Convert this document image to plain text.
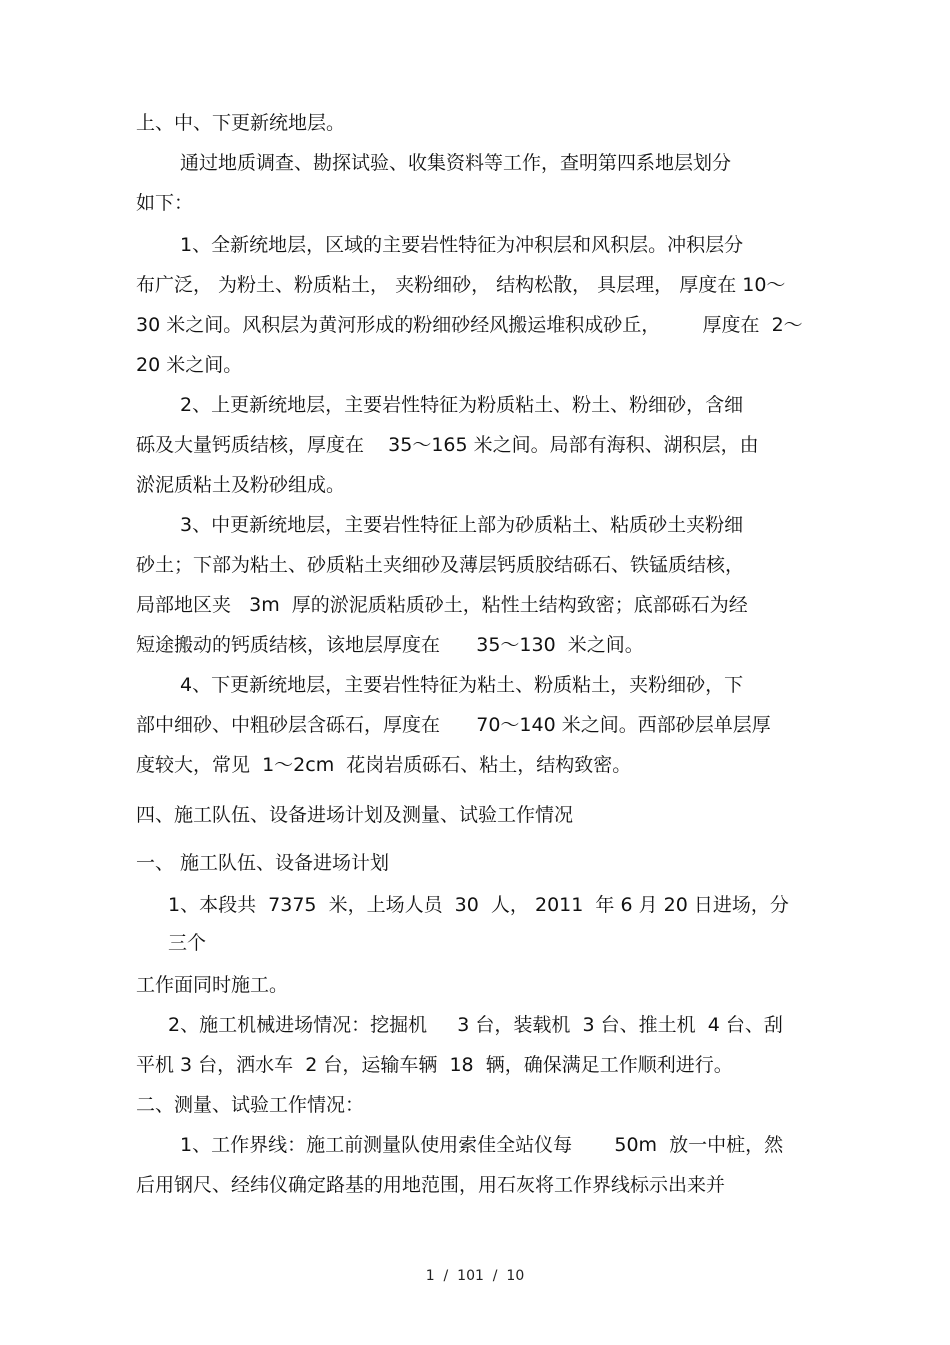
上、中、下更新统地层。
通过地质调查、勘探试验、收集资料等工作，查明第四系地层划分
如下：
1、全新统地层，区域的主要岩性特征为冲积层和风积层。冲积层分
布广泛， 为粉土、粉质粘土， 夹粉细砂， 结构松散， 具层理， 厚度在 10～
30 米之间。风积层为黄河形成的粉细砂经风搬运堆积成砂丘，       厚度在  2～
20 米之间。
2、上更新统地层，主要岩性特征为粉质粘土、粉土、粉细砂，含细
砾及大量钙质结核，厚度在    35～165 米之间。局部有海积、湖积层，由
淤泥质粘土及粉砂组成。
3、中更新统地层，主要岩性特征上部为砂质粘土、粘质砂土夹粉细
砂土；下部为粘土、砂质粘土夹细砂及薄层钙质胶结砾石、铁锰质结核，
局部地区夹   3m  厚的淤泥质粘质砂土，粘性土结构致密；底部砾石为经
短途搬动的钙质结核，该地层厚度在      35～130  米之间。
4、下更新统地层，主要岩性特征为粘土、粉质粘土，夹粉细砂，下
部中细砂、中粗砂层含砾石，厚度在      70～140 米之间。西部砂层单层厚
度较大，常见  1～2cm  花岗岩质砾石、粘土，结构致密。
四、施工队伍、设备进场计划及测量、试验工作情况
一、 施工队伍、设备进场计划
1、本段共  7375  米，上场人员  30  人， 2011  年 6 月 20 日进场，分
三个
工作面同时施工。
2、施工机械进场情况：挖掘机     3 台，装载机  3 台、推土机  4 台、刮
平机 3 台，洒水车  2 台，运输车辆  18  辆，确保满足工作顺利进行。
二、测量、试验工作情况：
1、工作界线：施工前测量队使用索佳全站仪每       50m  放一中桩，然
后用钢尺、经纬仪确定路基的用地范围，用石灰将工作界线标示出来并
1  /  101  /  10
